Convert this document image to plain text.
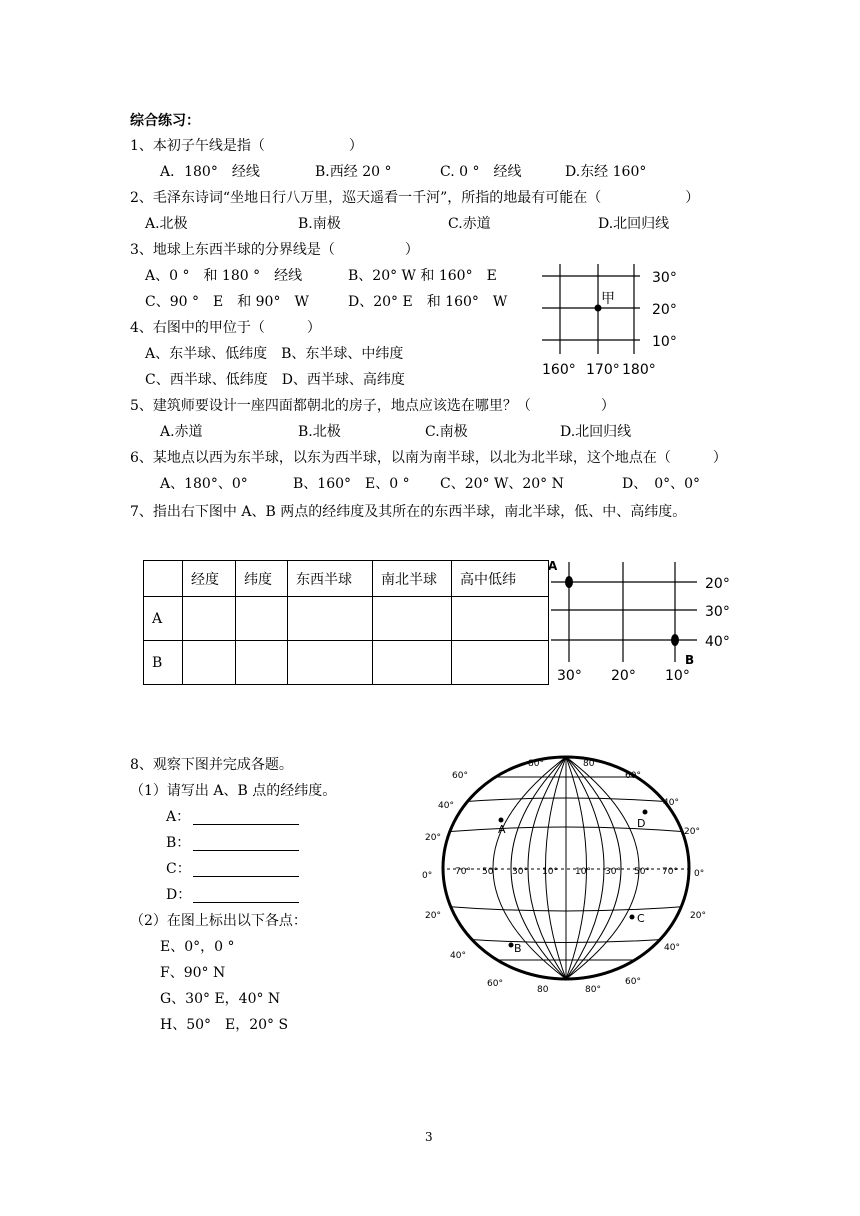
综合练习：
1、本初子午线是指（　　　　　　）
A．180°　经线	B.西经 20 °	C. 0 °　经线	D.东经 160°
2、毛泽东诗词“坐地日行八万里，巡天遥看一千河”，所指的地最有可能在（　　　　　　）
A.北极	B.南极	C.赤道	D.北回归线
3、地球上东西半球的分界线是（　　　　　）
A、0 °　和 180 °　经线	B、20° W 和 160°　E
C、90 °　E　和 90°　W	D、20° E　和 160°　W
4、右图中的甲位于（　　　）
A、东半球、低纬度　B、东半球、中纬度
C、西半球、低纬度　D、西半球、高纬度
甲
30°
20°
10°
160° 170° 180°
5、建筑师要设计一座四面都朝北的房子，地点应该选在哪里？（　　　　　）
A.赤道	B.北极	C.南极	D.北回归线
6、某地点以西为东半球，以东为西半球，以南为南半球，以北为北半球，这个地点在（　　　）
A、180°、0°	B、160°　E、0 ° C、20° W、20° N	D、　0°、0°
7、指出右下图中 A、B 两点的经纬度及其所在的东西半球，南北半球，低、中、高纬度。
	经度	纬度	东西半球	南北半球	高中低纬
A					
B					
A
B
20°
30°
40°
30° 20° 10°
8、观察下图并完成各题。
（1）请写出 A、B 点的经纬度。
A：
B：
C：
D：
（2）在图上标出以下各点：
E、0°，0 °
F、90° N
G、30° E，40° N
H、50°　E，20° S
60°
40°
20°
0°
20°
40°
60°
60°
40°
20°
0°
20°
40°
60°
80°	80°
80	80°
70° 50° 30° 10° 10° 30° 50° 70°
A
B
C
D
3
